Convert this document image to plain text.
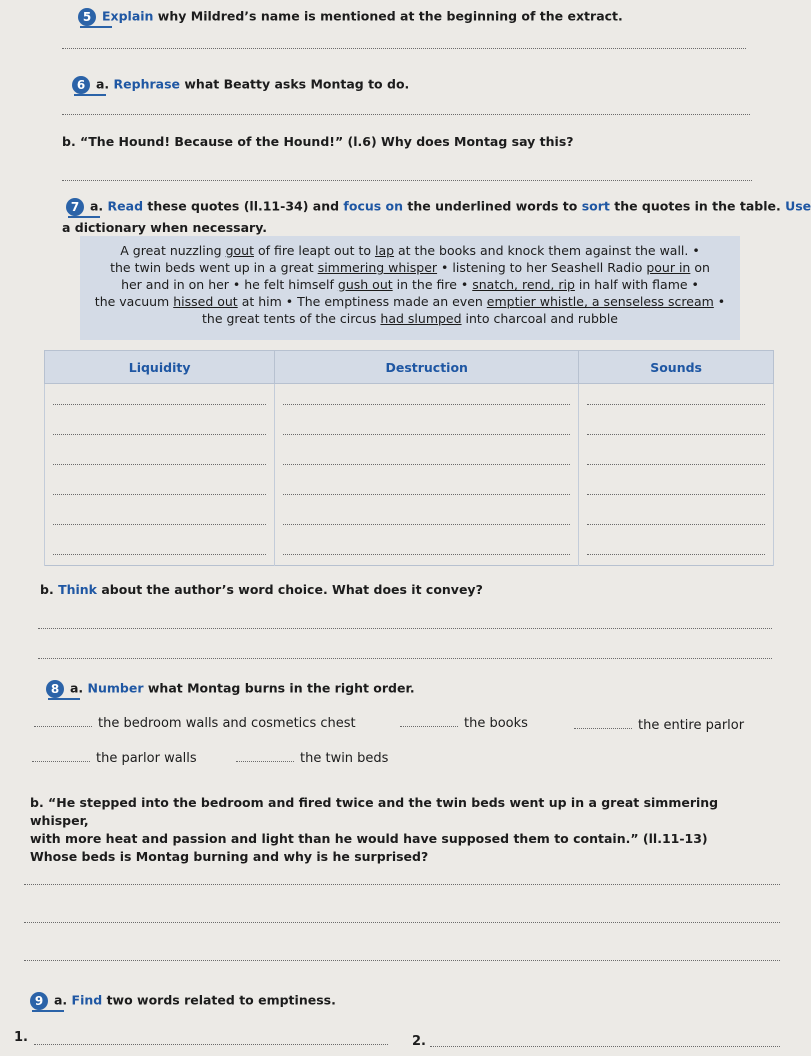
5 Explain why Mildred’s name is mentioned at the beginning of the extract.
6 a. Rephrase what Beatty asks Montag to do.
b. “The Hound! Because of the Hound!” (l.6) Why does Montag say this?
7 a. Read these quotes (ll.11-34) and focus on the underlined words to sort the quotes in the table. Use
a dictionary when necessary.
A great nuzzling gout of fire leapt out to lap at the books and knock them against the wall. •
the twin beds went up in a great simmering whisper • listening to her Seashell Radio pour in on
her and in on her • he felt himself gush out in the fire • snatch, rend, rip in half with flame •
the vacuum hissed out at him • The emptiness made an even emptier whistle, a senseless scream •
the great tents of the circus had slumped into charcoal and rubble
Liquidity	Destruction	Sounds

b. Think about the author’s word choice. What does it convey?
8 a. Number what Montag burns in the right order.
the bedroom walls and cosmetics chest	the books	the entire parlor
the parlor walls	the twin beds
b. “He stepped into the bedroom and fired twice and the twin beds went up in a great simmering whisper,
with more heat and passion and light than he would have supposed them to contain.” (ll.11-13)
Whose beds is Montag burning and why is he surprised?
9 a. Find two words related to emptiness.
1.	2.
